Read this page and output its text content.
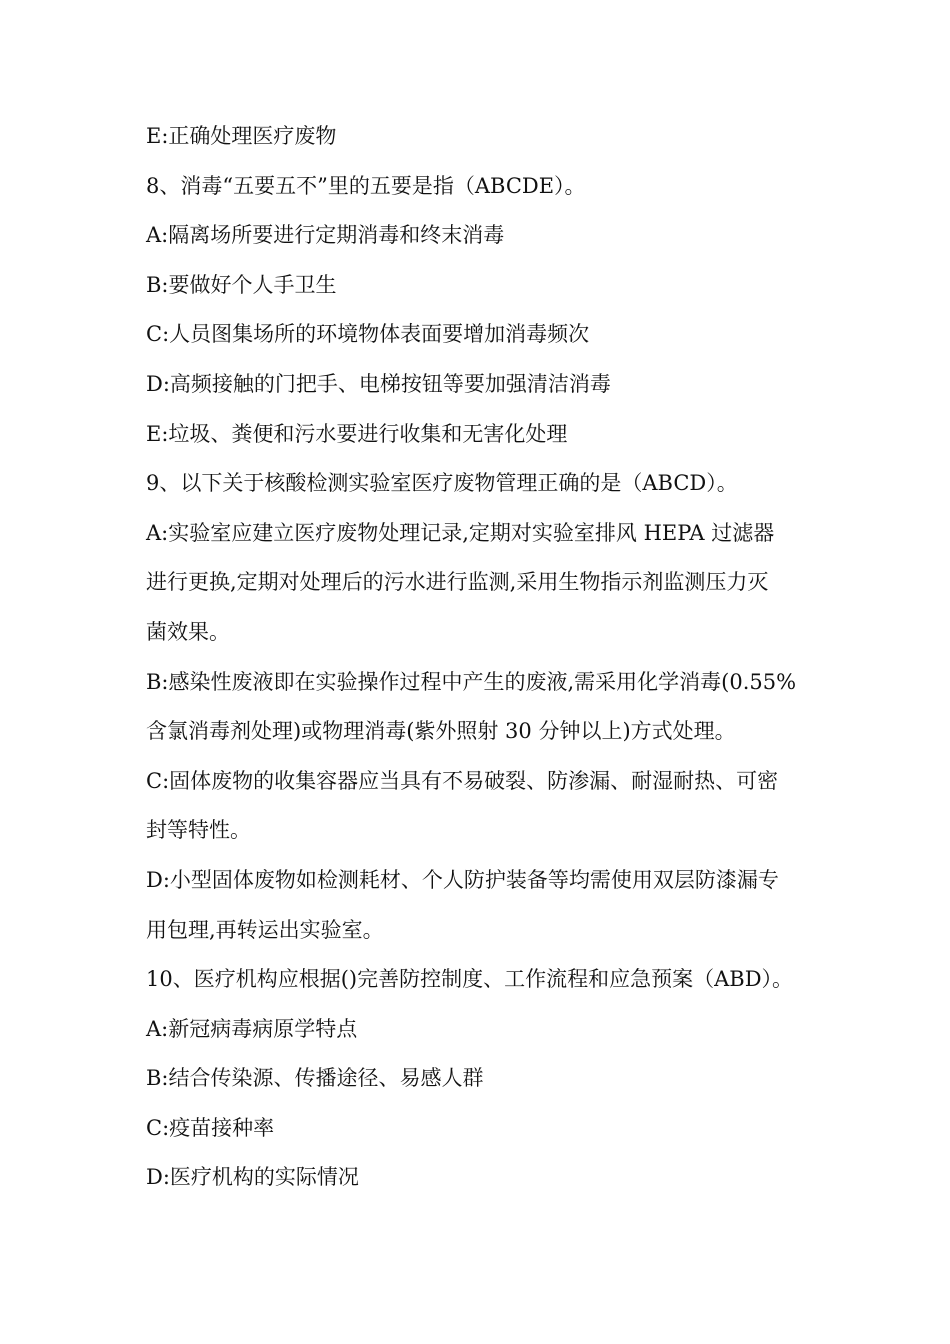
E:正确处理医疗废物

8、消毒“五要五不”里的五要是指（ABCDE）。

A:隔离场所要进行定期消毒和终末消毒

B:要做好个人手卫生

C:人员图集场所的环境物体表面要增加消毒频次

D:高频接触的门把手、电梯按钮等要加强清洁消毒

E:垃圾、粪便和污水要进行收集和无害化处理

9、以下关于核酸检测实验室医疗废物管理正确的是（ABCD）。

A:实验室应建立医疗废物处理记录,定期对实验室排风 HEPA 过滤器

进行更换,定期对处理后的污水进行监测,采用生物指示剂监测压力灭

菌效果。

B:感染性废液即在实验操作过程中产生的废液,需采用化学消毒(0.55%

含氯消毒剂处理)或物理消毒(紫外照射 30 分钟以上)方式处理。

C:固体废物的收集容器应当具有不易破裂、防渗漏、耐湿耐热、可密

封等特性。

D:小型固体废物如检测耗材、个人防护装备等均需使用双层防漆漏专

用包理,再转运出实验室。

10、医疗机构应根据()完善防控制度、工作流程和应急预案（ABD）。

A:新冠病毒病原学特点

B:结合传染源、传播途径、易感人群

C:疫苗接种率

D:医疗机构的实际情况
